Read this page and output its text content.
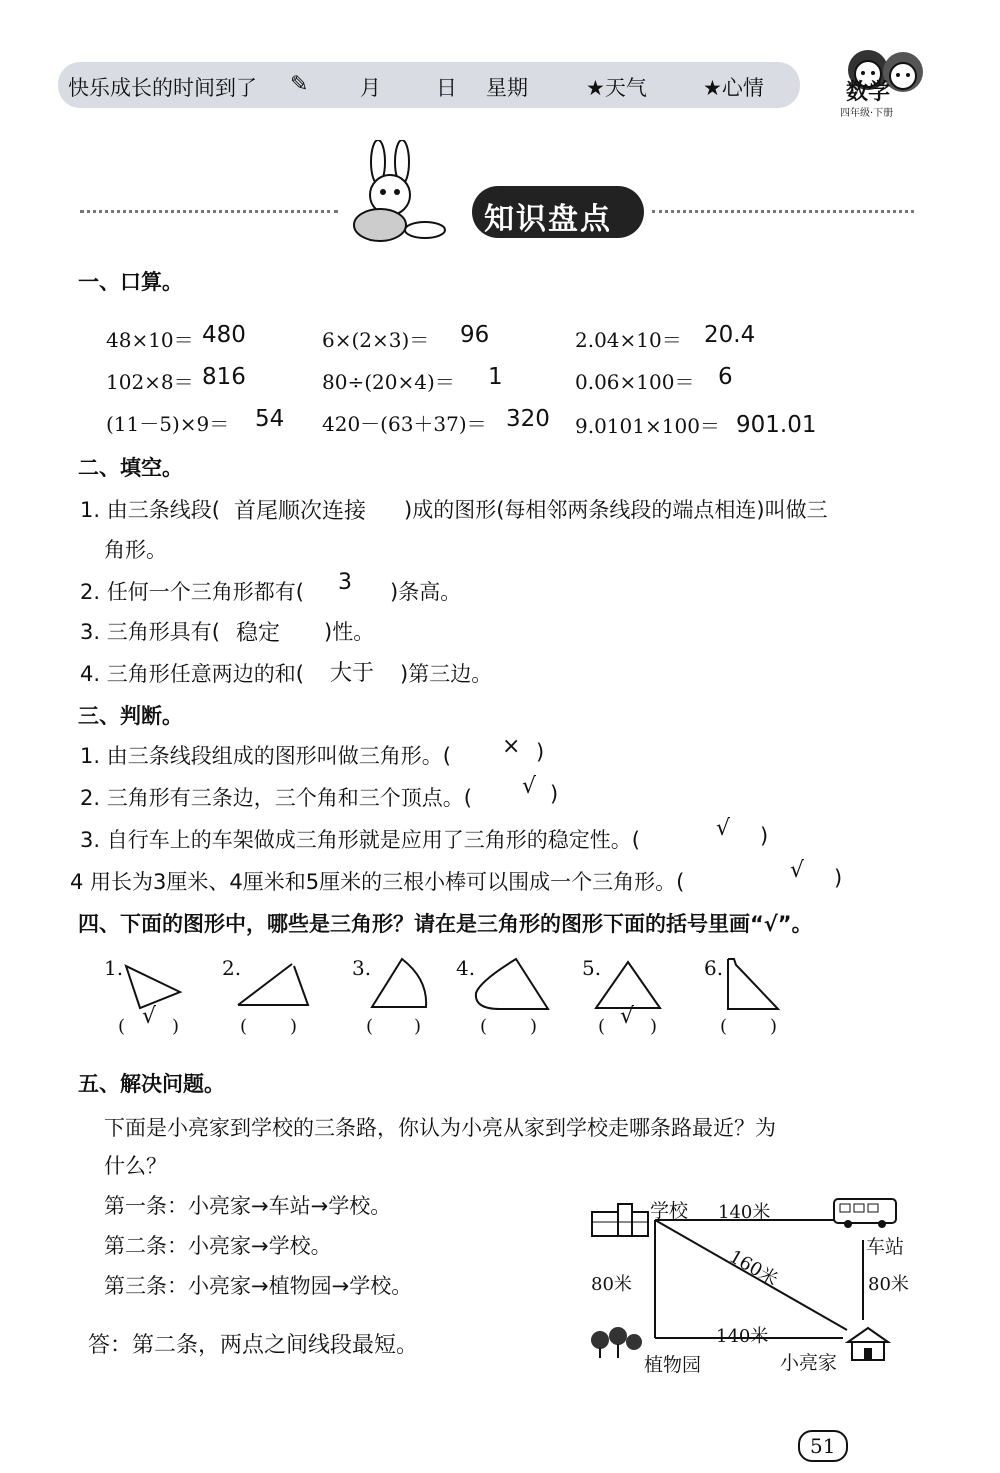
快乐成长的时间到了 ✎ 月	日 星期	★天气	★心情	数学
四年级·下册
知识盘点
一、口算。
48×10＝ 480	6×(2×3)＝ 96	2.04×10＝ 20.4
102×8＝ 816	80÷(20×4)＝ 1	0.06×100＝ 6
(11－5)×9＝ 54 420－(63＋37)＝ 320 9.0101×100＝ 901.01
二、填空。
1. 由三条线段( 首尾顺次连接 )成的图形(每相邻两条线段的端点相连)叫做三
角形。
2. 任何一个三角形都有( 3 )条高。
3. 三角形具有( 稳定 )性。
4. 三角形任意两边的和( 大于 )第三边。
三、判断。
1. 由三条线段组成的图形叫做三角形。( × )
2. 三角形有三条边，三个角和三个顶点。( √ )
3. 自行车上的车架做成三角形就是应用了三角形的稳定性。(	√ )
4 用长为3厘米、4厘米和5厘米的三根小棒可以围成一个三角形。(	√ )
四、下面的图形中，哪些是三角形？请在是三角形的图形下面的括号里画“√”。
1.
( √ )
2.
( )
3.
( )
4.
( )
5.
( √ )
6.
( )
五、解决问题。
下面是小亮家到学校的三条路，你认为小亮从家到学校走哪条路最近？为
什么？
第一条：小亮家→车站→学校。
第二条：小亮家→学校。
第三条：小亮家→植物园→学校。
答：第二条，两点之间线段最短。
学校 140米
车站
80米	80米
160米
140米
植物园	小亮家
51
